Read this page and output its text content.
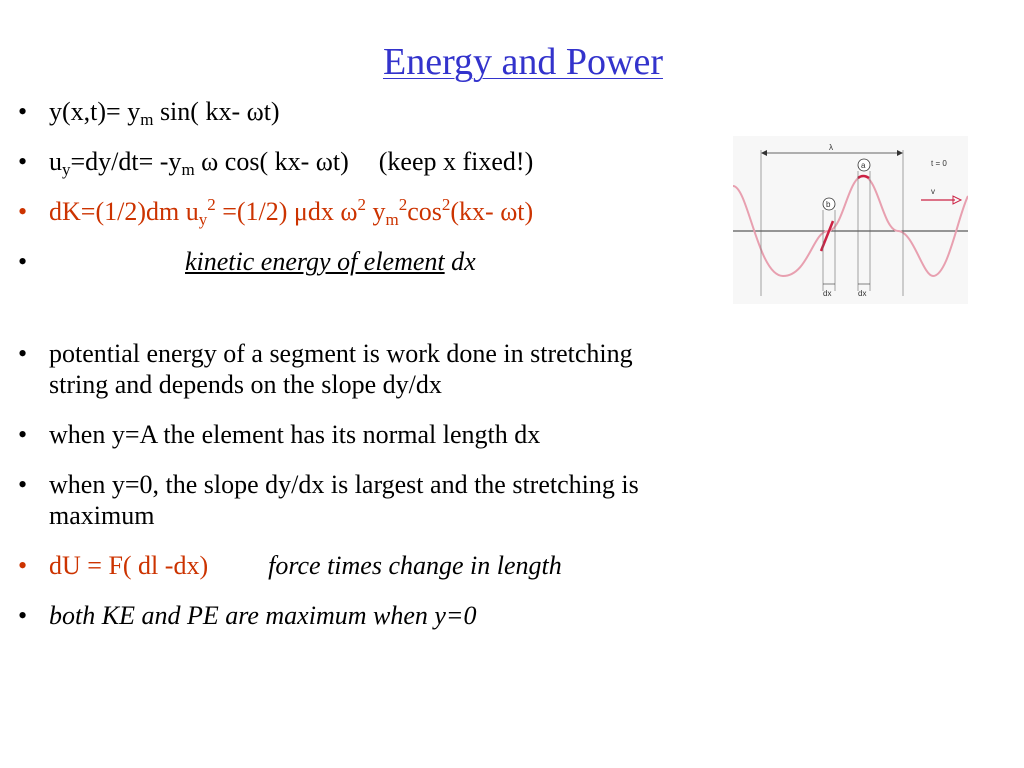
Energy and Power
• $y(x,t)= y_m$ sin( kx- ωt)
• $u_y=dy/dt= -y_m$ ω cos( kx- ωt) (keep x fixed!)
• dK=(1/2)dm $u_y^2 =(1/2)$ μdx $\omega^2$ $y_m^2\cos^2(kx-$ ωt)
•	kinetic energy of element dx
• potential energy of a segment is work done in stretching string and depends on the slope dy/dx
• when y=A the element has its normal length dx
• when y=0, the slope dy/dx is largest and the stretching is maximum
• dU = F( dl -dx) force times change in length
• both KE and PE are maximum when y=0
λ
t = 0
v
a
b
dx	dx
